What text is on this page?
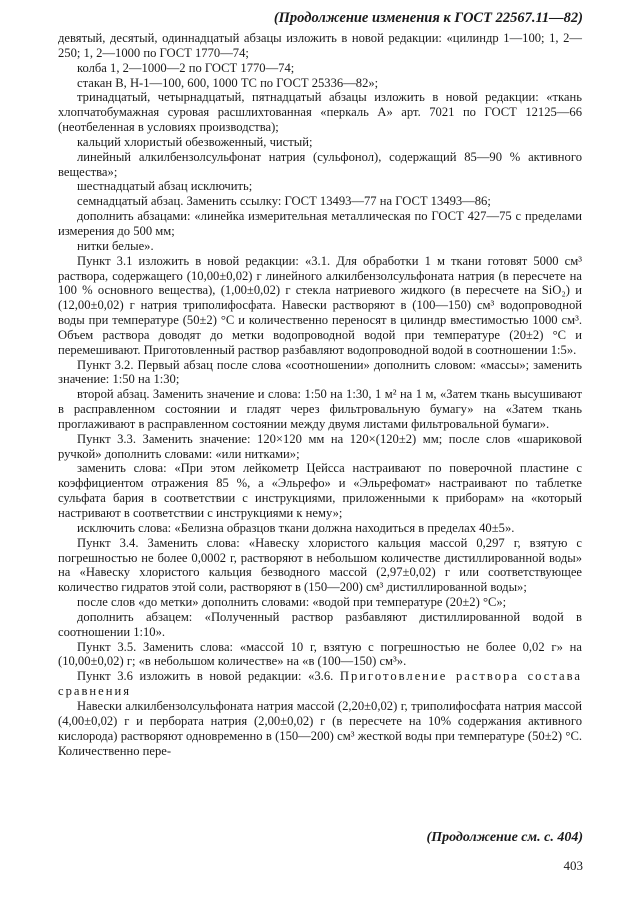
(Продолжение изменения к ГОСТ 22567.11—82)

девятый, десятый, одиннадцатый абзацы изложить в новой редакции: «цилиндр 1—100; 1, 2—250; 1, 2—1000 по ГОСТ 1770—74;

колба 1, 2—1000—2 по ГОСТ 1770—74;

стакан В, Н-1—100, 600, 1000 ТС по ГОСТ 25336—82»;

тринадцатый, четырнадцатый, пятнадцатый абзацы изложить в новой редакции: «ткань хлопчатобумажная суровая расшлихтованная «перкаль А» арт. 7021 по ГОСТ 12125—66 (неотбеленная в условиях производства);

кальций хлористый обезвоженный, чистый;

линейный алкилбензолсульфонат натрия (сульфонол), содержащий 85—90 % активного вещества»;

шестнадцатый абзац исключить;

семнадцатый абзац. Заменить ссылку: ГОСТ 13493—77 на ГОСТ 13493—86;

дополнить абзацами: «линейка измерительная металлическая по ГОСТ 427—75 с пределами измерения до 500 мм;

нитки белые».

Пункт 3.1 изложить в новой редакции: «3.1. Для обработки 1 м ткани готовят 5000 см³ раствора, содержащего (10,00±0,02) г линейного алкилбензолсульфоната натрия (в пересчете на 100 % основного вещества), (1,00±0,02) г стекла натриевого жидкого (в пересчете на SiO₂) и (12,00±0,02) г натрия триполифосфата. Навески растворяют в (100—150) см³ водопроводной воды при температуре (50±2) °С и количественно переносят в цилиндр вместимостью 1000 см³. Объем раствора доводят до метки водопроводной водой при температуре (20±2) °С и перемешивают. Приготовленный раствор разбавляют водопроводной водой в соотношении 1:5».

Пункт 3.2. Первый абзац после слова «соотношении» дополнить словом: «массы»; заменить значение: 1:50 на 1:30;

второй абзац. Заменить значение и слова: 1:50 на 1:30, 1 м² на 1 м, «Затем ткань высушивают в расправленном состоянии и гладят через фильтровальную бумагу» на «Затем ткань проглаживают в расправленном состоянии между двумя листами фильтровальной бумаги».

Пункт 3.3. Заменить значение: 120×120 мм на 120×(120±2) мм; после слов «шариковой ручкой» дополнить словами: «или нитками»;

заменить слова: «При этом лейкометр Цейсса настраивают по поверочной пластине с коэффициентом отражения 85 %, а «Эльрефо» и «Эльрефомат» настраивают по таблетке сульфата бария в соответствии с инструкциями, приложенными к приборам» на «который настривают в соответствии с инструкциями к нему»;

исключить слова: «Белизна образцов ткани должна находиться в пределах 40±5».

Пункт 3.4. Заменить слова: «Навеску хлористого кальция массой 0,297 г, взятую с погрешностью не более 0,0002 г, растворяют в небольшом количестве дистиллированной воды» на «Навеску хлористого кальция безводного массой (2,97±0,02) г или соответствующее количество гидратов этой соли, растворяют в (150—200) см³ дистиллированной воды»;

после слов «до метки» дополнить словами: «водой при температуре (20±2) °С»;

дополнить абзацем: «Полученный раствор разбавляют дистиллированной водой в соотношении 1:10».

Пункт 3.5. Заменить слова: «массой 10 г, взятую с погрешностью не более 0,02 г» на (10,00±0,02) г; «в небольшом количестве» на «в (100—150) см³».

Пункт 3.6 изложить в новой редакции: «3.6. Приготовление раствора состава сравнения

Навески алкилбензолсульфоната натрия массой (2,20±0,02) г, триполифосфата натрия массой (4,00±0,02) г и пербората натрия (2,00±0,02) г (в пересчете на 10% содержания активного кислорода) растворяют одновременно в (150—200) см³ жесткой воды при температуре (50±2) °С. Количественно пере-

(Продолжение см. с. 404)
403
